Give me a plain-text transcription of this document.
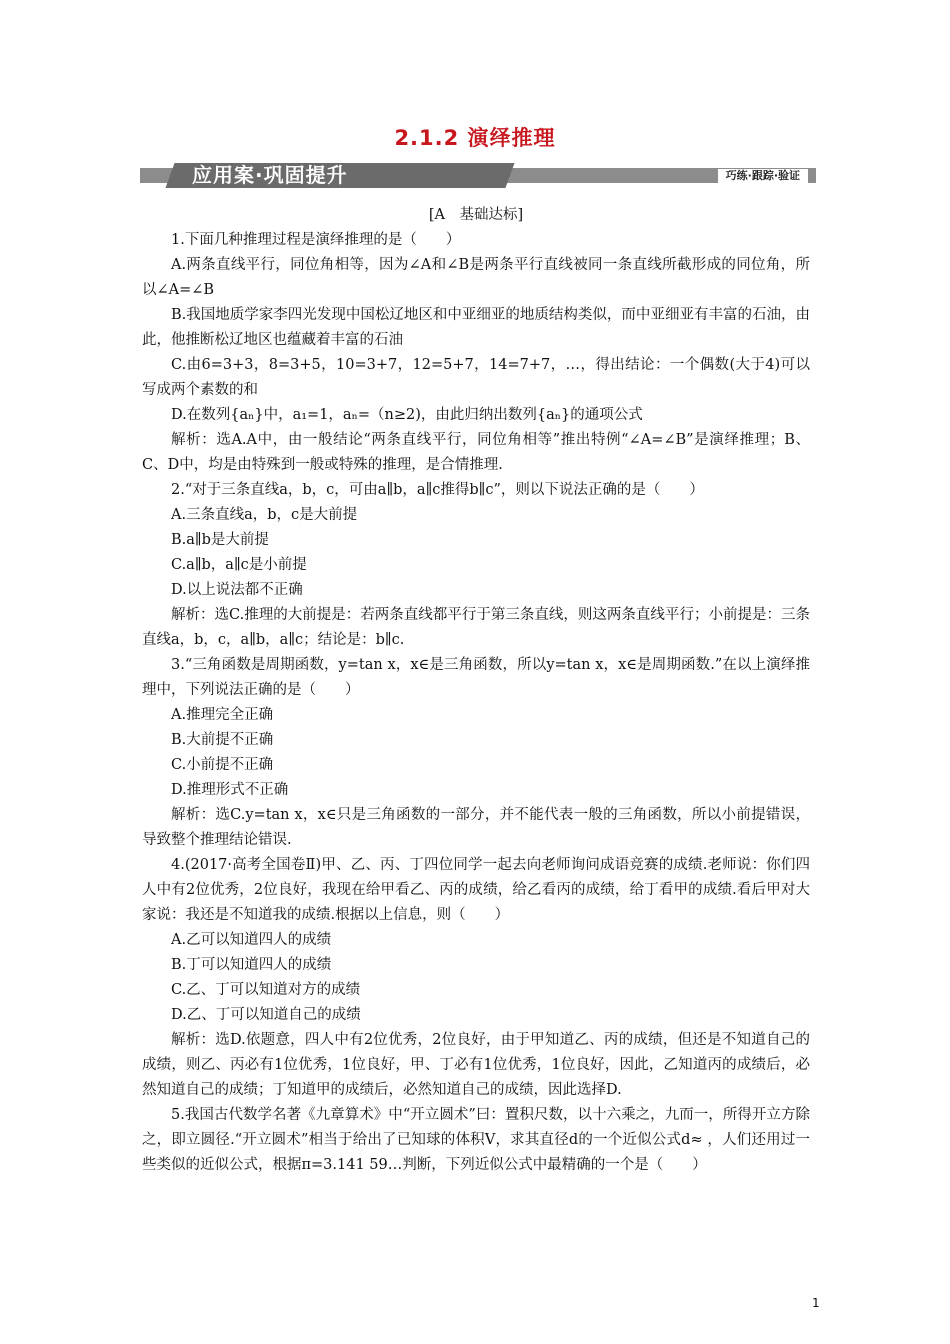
2.1.2 演绎推理
应用案·巩固提升	巧练·跟踪·验证

[A　基础达标]

1.下面几种推理过程是演绎推理的是（　　）

A.两条直线平行，同位角相等，因为∠A和∠B是两条平行直线被同一条直线所截形成的同位角，所以∠A=∠B

B.我国地质学家李四光发现中国松辽地区和中亚细亚的地质结构类似，而中亚细亚有丰富的石油，由此，他推断松辽地区也蕴藏着丰富的石油

C.由6=3+3，8=3+5，10=3+7，12=5+7，14=7+7，…，得出结论：一个偶数(大于4)可以写成两个素数的和

D.在数列{aₙ}中，a₁=1，aₙ=（n≥2)，由此归纳出数列{aₙ}的通项公式

解析：选A.A中，由一般结论“两条直线平行，同位角相等”推出特例“∠A=∠B”是演绎推理；B、C、D中，均是由特殊到一般或特殊的推理，是合情推理.

2.“对于三条直线a，b，c，可由a∥b，a∥c推得b∥c”，则以下说法正确的是（　　）

A.三条直线a，b，c是大前提

B.a∥b是大前提

C.a∥b，a∥c是小前提

D.以上说法都不正确

解析：选C.推理的大前提是：若两条直线都平行于第三条直线，则这两条直线平行；小前提是：三条直线a，b，c，a∥b，a∥c；结论是：b∥c.

3.“三角函数是周期函数，y=tan x，x∈是三角函数，所以y=tan x，x∈是周期函数.”在以上演绎推理中，下列说法正确的是（　　）

A.推理完全正确

B.大前提不正确

C.小前提不正确

D.推理形式不正确

解析：选C.y=tan x，x∈只是三角函数的一部分，并不能代表一般的三角函数，所以小前提错误，导致整个推理结论错误.

4.(2017·高考全国卷Ⅱ)甲、乙、丙、丁四位同学一起去向老师询问成语竞赛的成绩.老师说：你们四人中有2位优秀，2位良好，我现在给甲看乙、丙的成绩，给乙看丙的成绩，给丁看甲的成绩.看后甲对大家说：我还是不知道我的成绩.根据以上信息，则（　　）

A.乙可以知道四人的成绩

B.丁可以知道四人的成绩

C.乙、丁可以知道对方的成绩

D.乙、丁可以知道自己的成绩

解析：选D.依题意，四人中有2位优秀，2位良好，由于甲知道乙、丙的成绩，但还是不知道自己的成绩，则乙、丙必有1位优秀，1位良好，甲、丁必有1位优秀，1位良好，因此，乙知道丙的成绩后，必然知道自己的成绩；丁知道甲的成绩后，必然知道自己的成绩，因此选择D.

5.我国古代数学名著《九章算术》中“开立圆术”曰：置积尺数，以十六乘之，九而一，所得开立方除之，即立圆径.“开立圆术”相当于给出了已知球的体积V，求其直径d的一个近似公式d≈ ，人们还用过一些类似的近似公式，根据π=3.141 59…判断，下列近似公式中最精确的一个是（　　）

1
